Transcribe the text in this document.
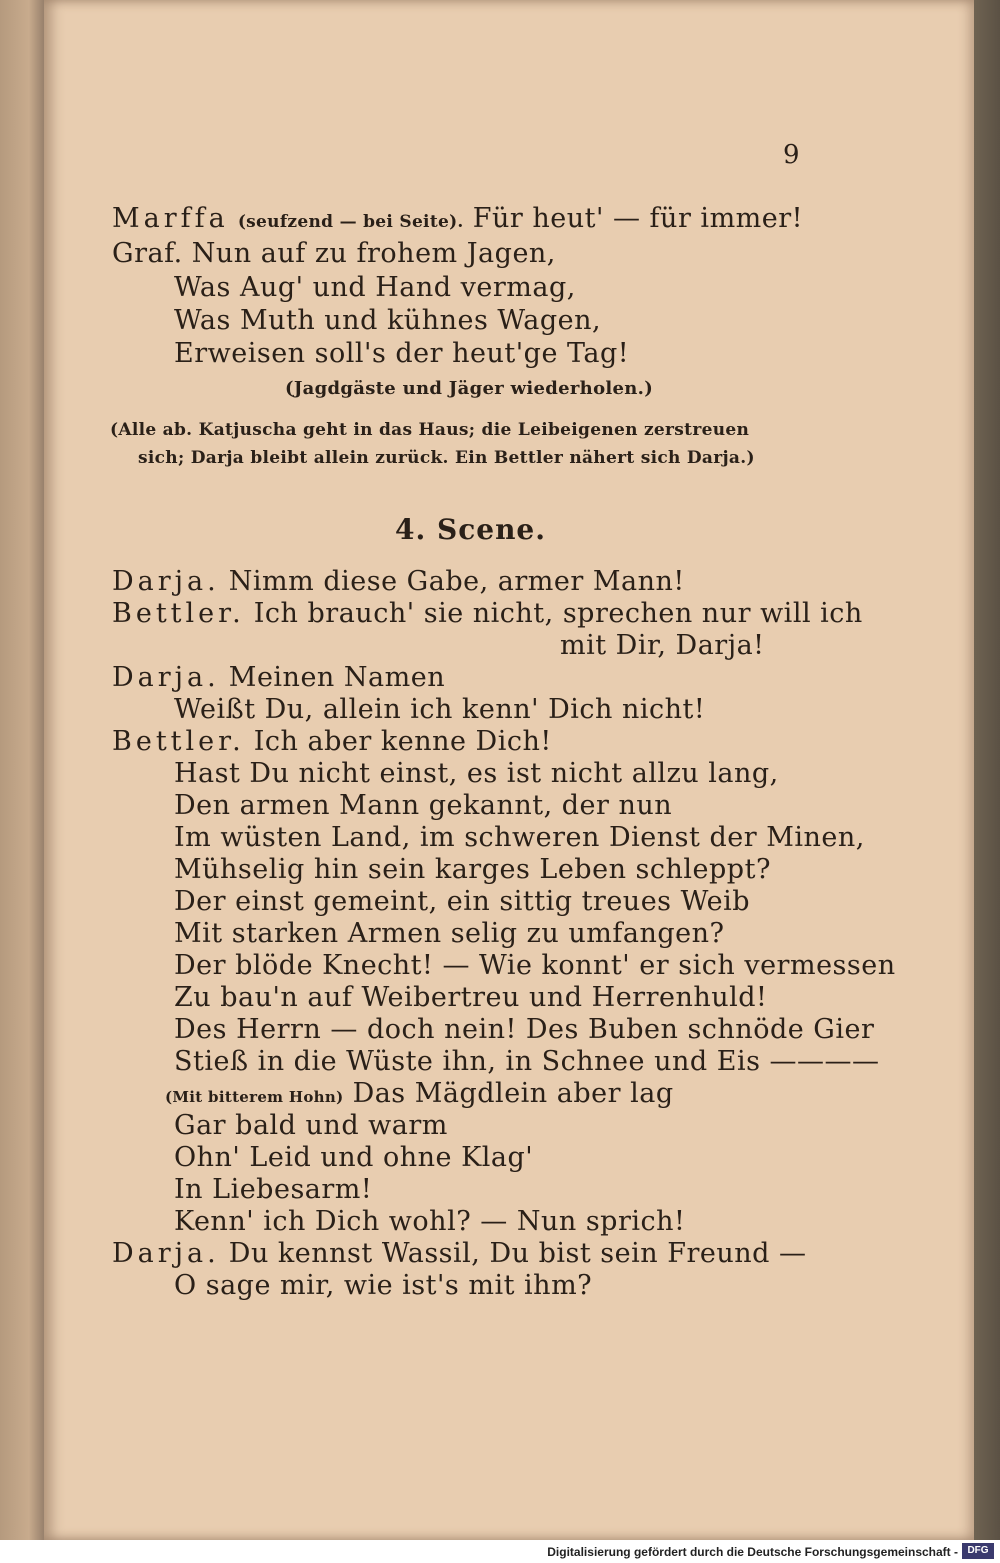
9
Marffa (seufzend — bei Seite). Für heut' — für immer!
Graf. Nun auf zu frohem Jagen,
Was Aug' und Hand vermag,
Was Muth und kühnes Wagen,
Erweisen soll's der heut'ge Tag!
(Jagdgäste und Jäger wiederholen.)
(Alle ab. Katjuscha geht in das Haus; die Leibeigenen zerstreuen
sich; Darja bleibt allein zurück. Ein Bettler nähert sich Darja.)
4. Scene.
Darja. Nimm diese Gabe, armer Mann!
Bettler. Ich brauch' sie nicht, sprechen nur will ich
mit Dir, Darja!
Darja. Meinen Namen
Weißt Du, allein ich kenn' Dich nicht!
Bettler. Ich aber kenne Dich!
Hast Du nicht einst, es ist nicht allzu lang,
Den armen Mann gekannt, der nun
Im wüsten Land, im schweren Dienst der Minen,
Mühselig hin sein karges Leben schleppt?
Der einst gemeint, ein sittig treues Weib
Mit starken Armen selig zu umfangen?
Der blöde Knecht! — Wie konnt' er sich vermessen
Zu bau'n auf Weibertreu und Herrenhuld!
Des Herrn — doch nein! Des Buben schnöde Gier
Stieß in die Wüste ihn, in Schnee und Eis ————
(Mit bitterem Hohn) Das Mägdlein aber lag
Gar bald und warm
Ohn' Leid und ohne Klag'
In Liebesarm!
Kenn' ich Dich wohl? — Nun sprich!
Darja. Du kennst Wassil, Du bist sein Freund —
O sage mir, wie ist's mit ihm?
Digitalisierung gefördert durch die Deutsche Forschungsgemeinschaft - DFG
